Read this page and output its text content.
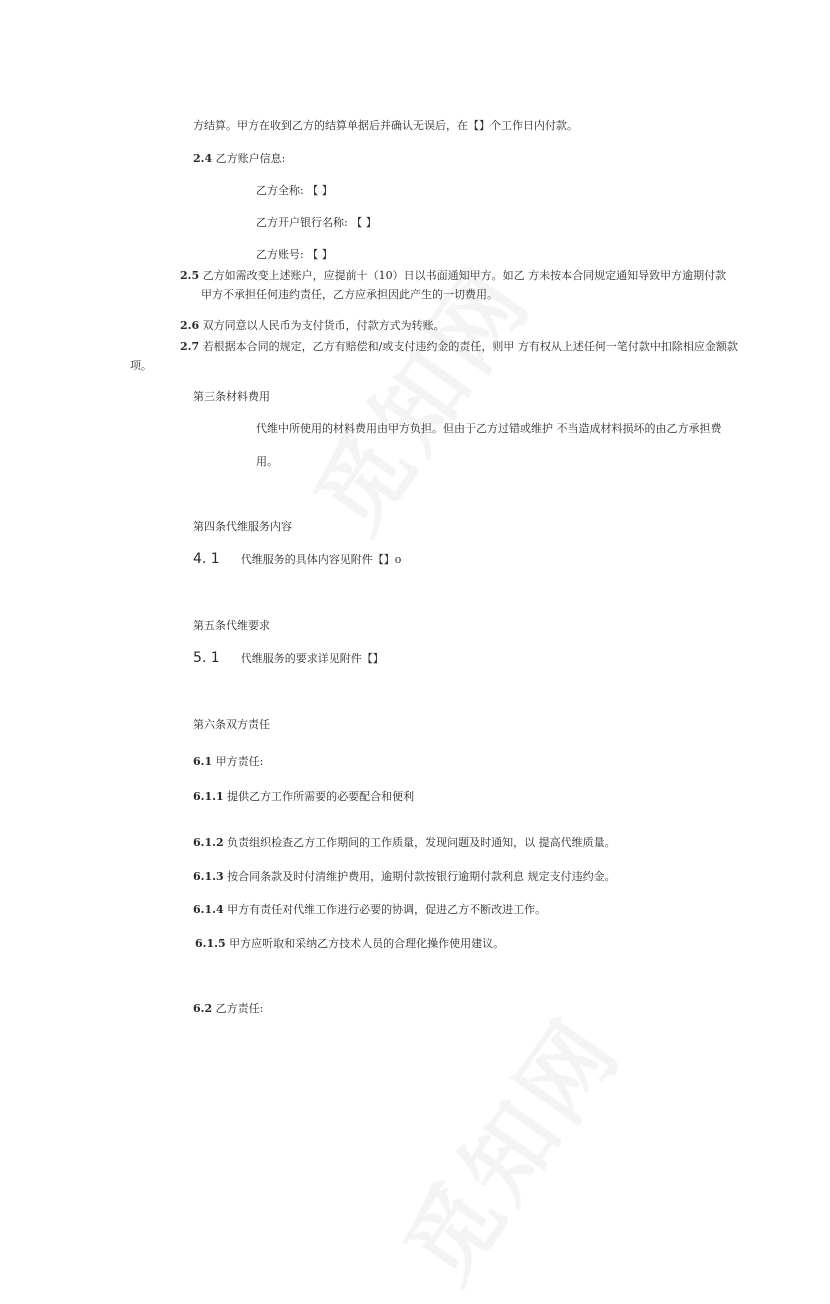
方结算。甲方在收到乙方的结算单据后并确认无误后，在【】个工作日内付款。
2.4 乙方账户信息:
乙方全称: 【 】
乙方开户银行名称: 【 】
乙方账号: 【 】
2.5 乙方如需改变上述账户，应提前十（10）日以书面通知甲方。如乙 方未按本合同规定通知导致甲方逾期付款
甲方不承担任何违约责任，乙方应承担因此产生的一切费用。
2.6 双方同意以人民币为支付货币，付款方式为转账。
2.7 若根据本合同的规定，乙方有赔偿和/或支付违约金的责任，则甲 方有权从上述任何一笔付款中扣除相应金额款
项。
第三条材料费用
代维中所使用的材料费用由甲方负担。但由于乙方过错或维护 不当造成材料损坏的由乙方承担费
用。
第四条代维服务内容
4. 1 代维服务的具体内容见附件【】o
第五条代维要求
5. 1 代维服务的要求详见附件【】
第六条双方责任
6.1 甲方责任:
6.1.1 提供乙方工作所需要的必要配合和便利
6.1.2 负责组织检查乙方工作期间的工作质量，发现问题及时通知，以 提高代维质量。
6.1.3 按合同条款及时付清维护费用，逾期付款按银行逾期付款利息 规定支付违约金。
6.1.4 甲方有责任对代维工作进行必要的协调，促进乙方不断改进工作。
6.1.5 甲方应听取和采纳乙方技术人员的合理化操作使用建议。
6.2 乙方责任:
